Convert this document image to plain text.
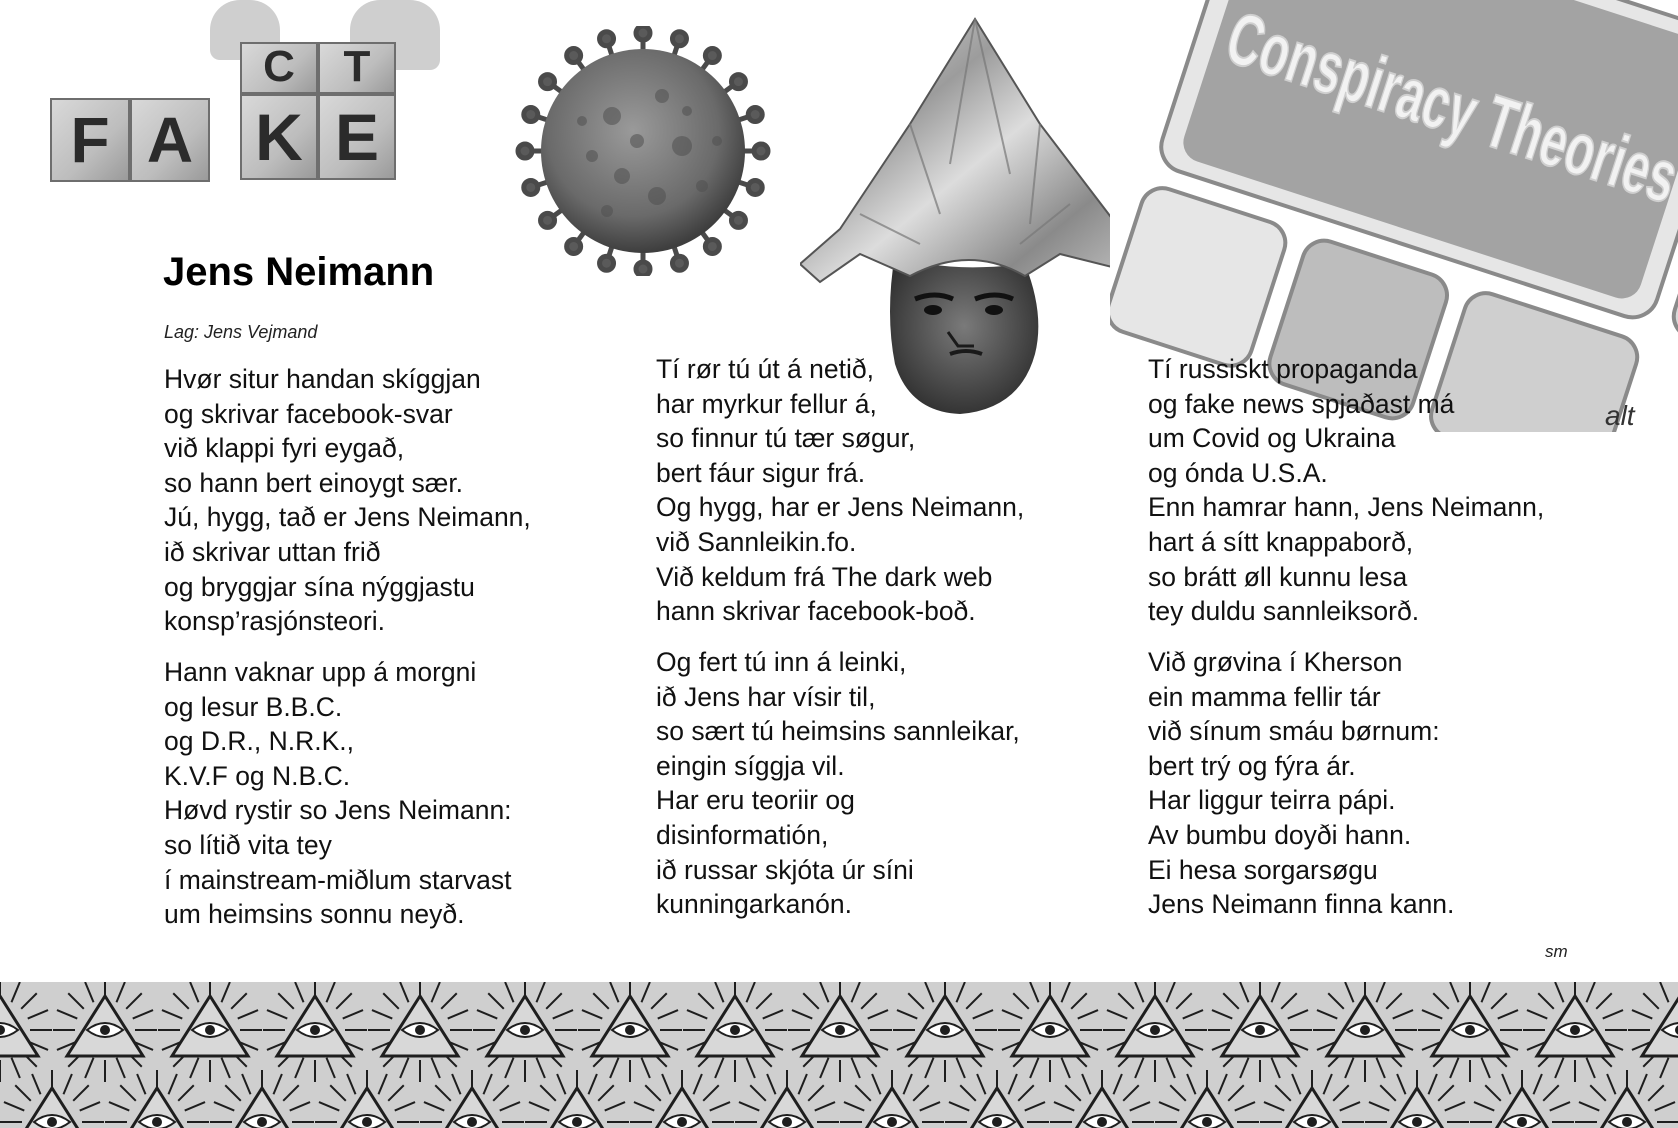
F A
C	T
K E
alt
Jens Neimann
Lag: Jens Vejmand
Hvør situr handan skíggjan
og skrivar facebook-svar
við klappi fyri eygað,
so hann bert einoygt sær.
Jú, hygg, tað er Jens Neimann,
ið skrivar uttan frið
og bryggjar sína nýggjastu
konsp’rasjónsteori.
Hann vaknar upp á morgni
og lesur B.B.C.
og D.R., N.R.K.,
K.V.F og N.B.C.
Høvd rystir so Jens Neimann:
so lítið vita tey
í mainstream-miðlum starvast
um heimsins sonnu neyð.
Tí rør tú út á netið,
har myrkur fellur á,
so finnur tú tær søgur,
bert fáur sigur frá.
Og hygg, har er Jens Neimann,
við Sannleikin.fo.
Við keldum frá The dark web
hann skrivar facebook-boð.
Og fert tú inn á leinki,
ið Jens har vísir til,
so sært tú heimsins sannleikar,
eingin síggja vil.
Har eru teoriir og
disinformatión,
ið russar skjóta úr síni
kunningarkanón.
Tí russiskt propaganda
og fake news spjaðast má
um Covid og Ukraina
og ónda U.S.A.
Enn hamrar hann, Jens Neimann,
hart á sítt knappaborð,
so brátt øll kunnu lesa
tey duldu sannleiksorð.
Við grøvina í Kherson
ein mamma fellir tár
við sínum smáu børnum:
bert trý og fýra ár.
Har liggur teirra pápi.
Av bumbu doyði hann.
Ei hesa sorgarsøgu
Jens Neimann finna kann.
sm
